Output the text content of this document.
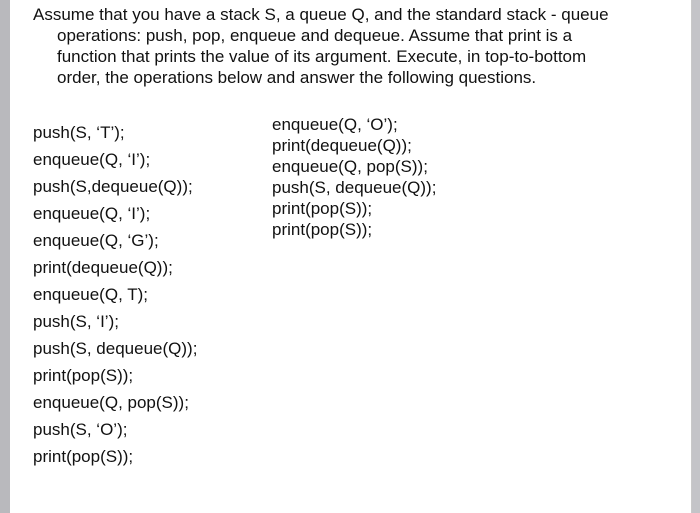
Assume that you have a stack S, a queue Q, and the standard stack - queue
operations: push, pop, enqueue and dequeue. Assume that print is a
function that prints the value of its argument. Execute, in top-to-bottom
order, the operations below and answer the following questions.

push(S, ‘T’);
enqueue(Q, ‘I’);
push(S,dequeue(Q));
enqueue(Q, ‘I’);
enqueue(Q, ‘G’);
print(dequeue(Q));
enqueue(Q, T);
push(S, ‘I’);
push(S, dequeue(Q));
print(pop(S));
enqueue(Q, pop(S));
push(S, ‘O’);
print(pop(S));
enqueue(Q, ‘O’);
print(dequeue(Q));
enqueue(Q, pop(S));
push(S, dequeue(Q));
print(pop(S));
print(pop(S));
